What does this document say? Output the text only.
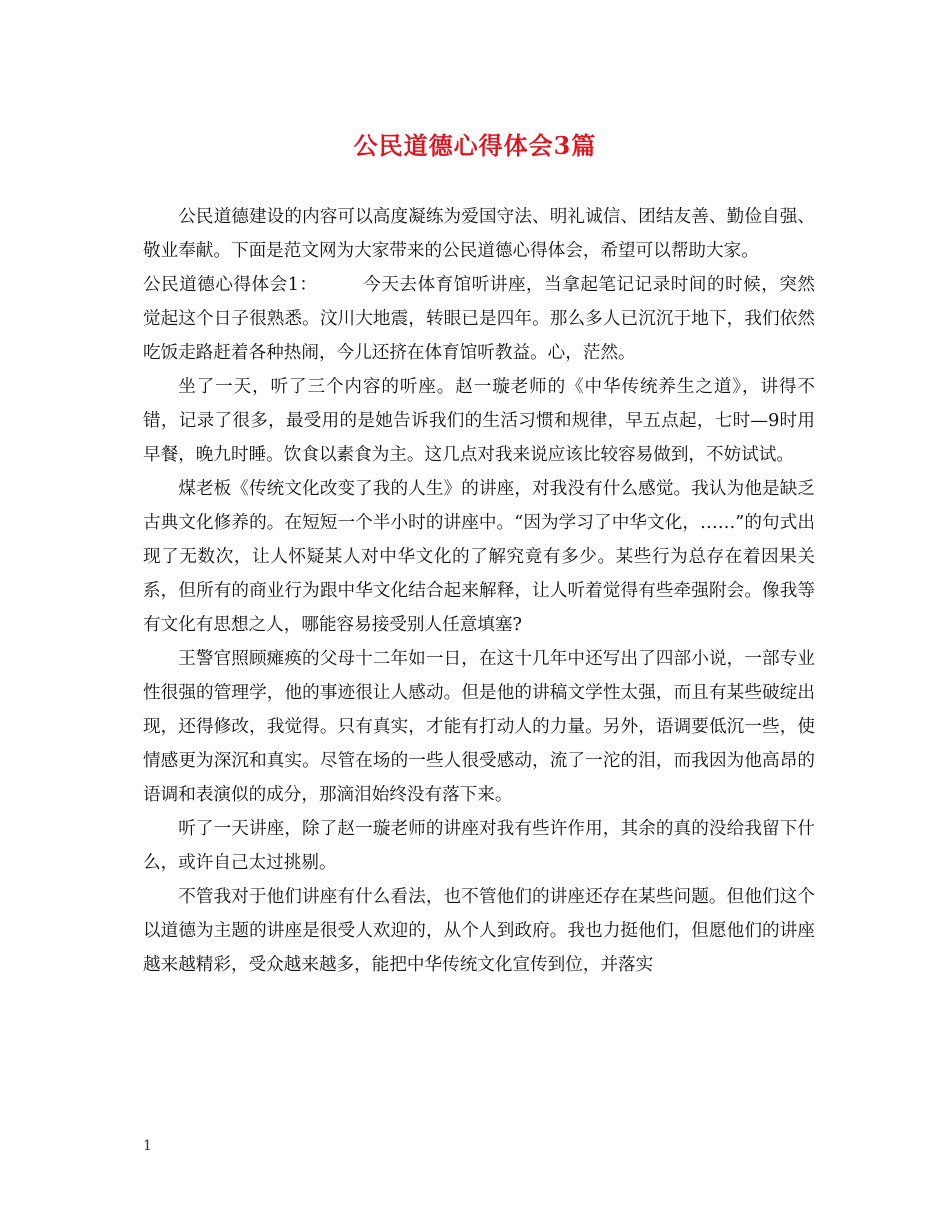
公民道德心得体会3篇

公民道德建设的内容可以高度凝练为爱国守法、明礼诚信、团结友善、勤俭自强、敬业奉献。下面是范文网为大家带来的公民道德心得体会，希望可以帮助大家。

公民道德心得体会1：	今天去体育馆听讲座，当拿起笔记记录时间的时候，突然觉起这个日子很熟悉。汶川大地震，转眼已是四年。那么多人已沉沉于地下，我们依然吃饭走路赶着各种热闹，今儿还挤在体育馆听教益。心，茫然。

坐了一天，听了三个内容的听座。赵一璇老师的《中华传统养生之道》，讲得不错，记录了很多，最受用的是她告诉我们的生活习惯和规律，早五点起，七时—9时用早餐，晚九时睡。饮食以素食为主。这几点对我来说应该比较容易做到，不妨试试。

煤老板《传统文化改变了我的人生》的讲座，对我没有什么感觉。我认为他是缺乏古典文化修养的。在短短一个半小时的讲座中。“因为学习了中华文化，……”的句式出现了无数次，让人怀疑某人对中华文化的了解究竟有多少。某些行为总存在着因果关系，但所有的商业行为跟中华文化结合起来解释，让人听着觉得有些牵强附会。像我等有文化有思想之人，哪能容易接受别人任意填塞?

王警官照顾瘫痪的父母十二年如一日，在这十几年中还写出了四部小说，一部专业性很强的管理学，他的事迹很让人感动。但是他的讲稿文学性太强，而且有某些破绽出现，还得修改，我觉得。只有真实，才能有打动人的力量。另外，语调要低沉一些，使情感更为深沉和真实。尽管在场的一些人很受感动，流了一沱的泪，而我因为他高昂的语调和表演似的成分，那滴泪始终没有落下来。

听了一天讲座，除了赵一璇老师的讲座对我有些许作用，其余的真的没给我留下什么，或许自己太过挑剔。

不管我对于他们讲座有什么看法，也不管他们的讲座还存在某些问题。但他们这个以道德为主题的讲座是很受人欢迎的，从个人到政府。我也力挺他们，但愿他们的讲座越来越精彩，受众越来越多，能把中华传统文化宣传到位，并落实

1
